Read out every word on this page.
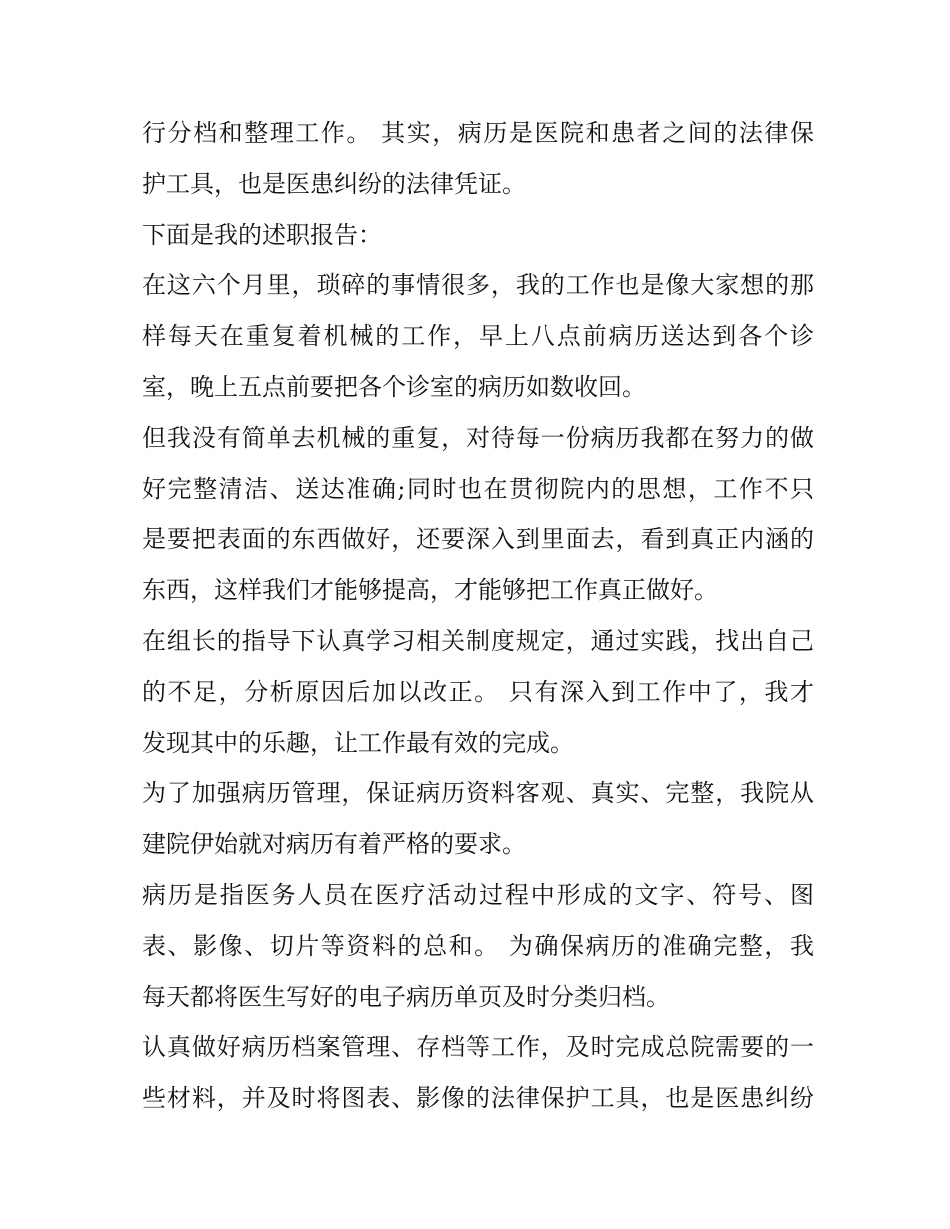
行分档和整理工作。 其实，病历是医院和患者之间的法律保
护工具，也是医患纠纷的法律凭证。
下面是我的述职报告：
在这六个月里，琐碎的事情很多，我的工作也是像大家想的那
样每天在重复着机械的工作，早上八点前病历送达到各个诊
室，晚上五点前要把各个诊室的病历如数收回。
但我没有简单去机械的重复，对待每一份病历我都在努力的做
好完整清洁、送达准确;同时也在贯彻院内的思想，工作不只
是要把表面的东西做好，还要深入到里面去，看到真正内涵的
东西，这样我们才能够提高，才能够把工作真正做好。
在组长的指导下认真学习相关制度规定，通过实践，找出自己
的不足，分析原因后加以改正。 只有深入到工作中了，我才
发现其中的乐趣，让工作最有效的完成。
为了加强病历管理，保证病历资料客观、真实、完整，我院从
建院伊始就对病历有着严格的要求。
病历是指医务人员在医疗活动过程中形成的文字、符号、图
表、影像、切片等资料的总和。 为确保病历的准确完整，我
每天都将医生写好的电子病历单页及时分类归档。
认真做好病历档案管理、存档等工作，及时完成总院需要的一
些材料，并及时将图表、影像的法律保护工具，也是医患纠纷
